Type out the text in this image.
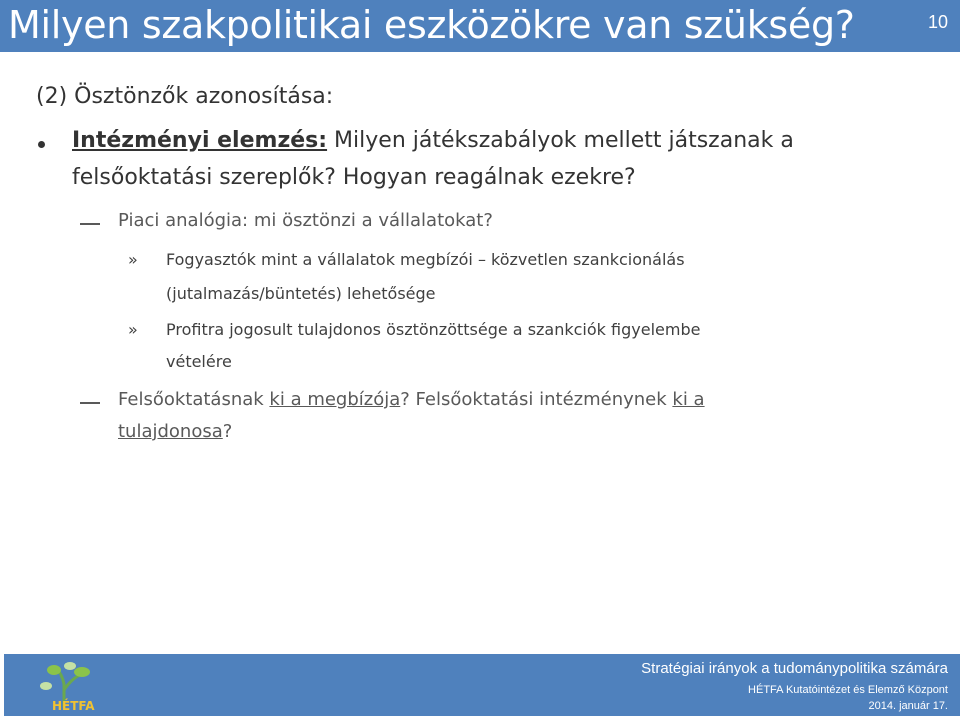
Milyen szakpolitikai eszközökre van szükség?	10
(2) Ösztönzők azonosítása:
Intézményi elemzés: Milyen játékszabályok mellett játszanak a
felsőoktatási szereplők? Hogyan reagálnak ezekre?
Piaci analógia: mi ösztönzi a vállalatokat?
» Fogyasztók mint a vállalatok megbízói – közvetlen szankcionálás
(jutalmazás/büntetés) lehetősége
» Profitra jogosult tulajdonos ösztönzöttsége a szankciók figyelembe
vételére
Felsőoktatásnak ki a megbízója? Felsőoktatási intézménynek ki a
tulajdonosa?
HÉTFA
Stratégiai irányok a tudománypolitika számára
HÉTFA Kutatóintézet és Elemző Központ
2014. január 17.
